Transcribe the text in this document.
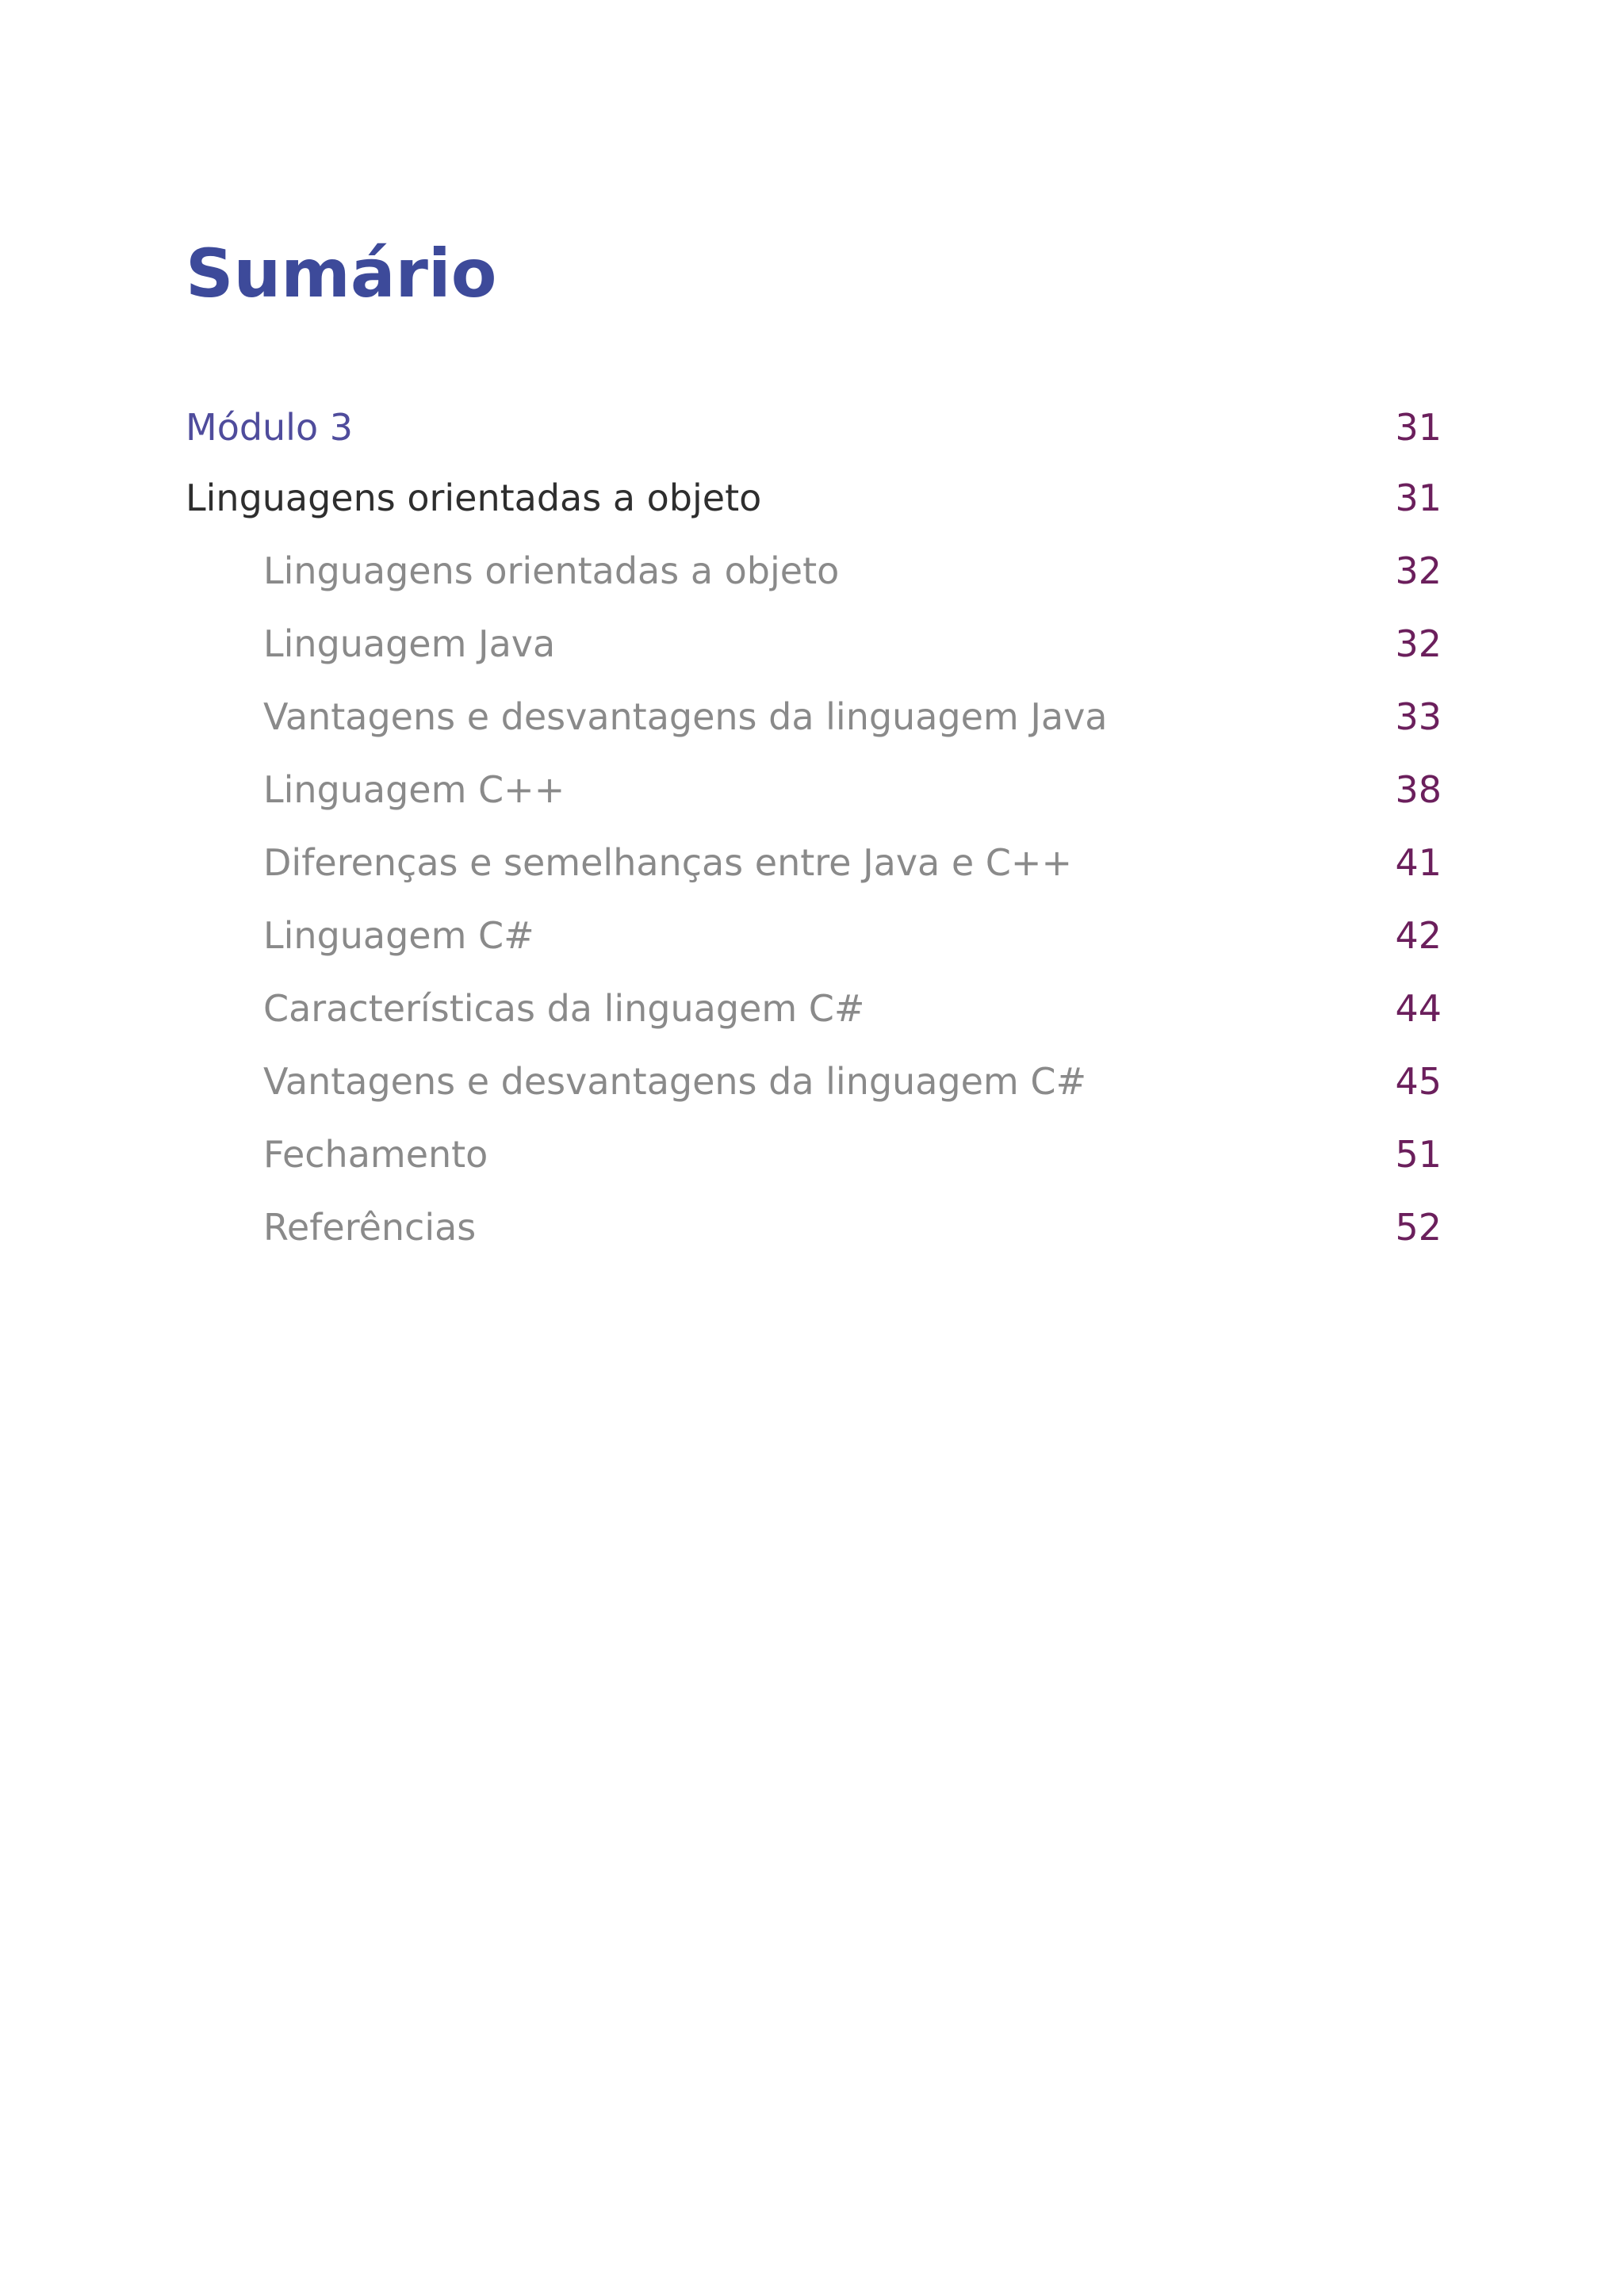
Sumário
Módulo 3	31
Linguagens orientadas a objeto	31
Linguagens orientadas a objeto	32
Linguagem Java	32
Vantagens e desvantagens da linguagem Java	33
Linguagem C++	38
Diferenças e semelhanças entre Java e C++	41
Linguagem C#	42
Características da linguagem C#	44
Vantagens e desvantagens da linguagem C#	45
Fechamento	51
Referências	52
